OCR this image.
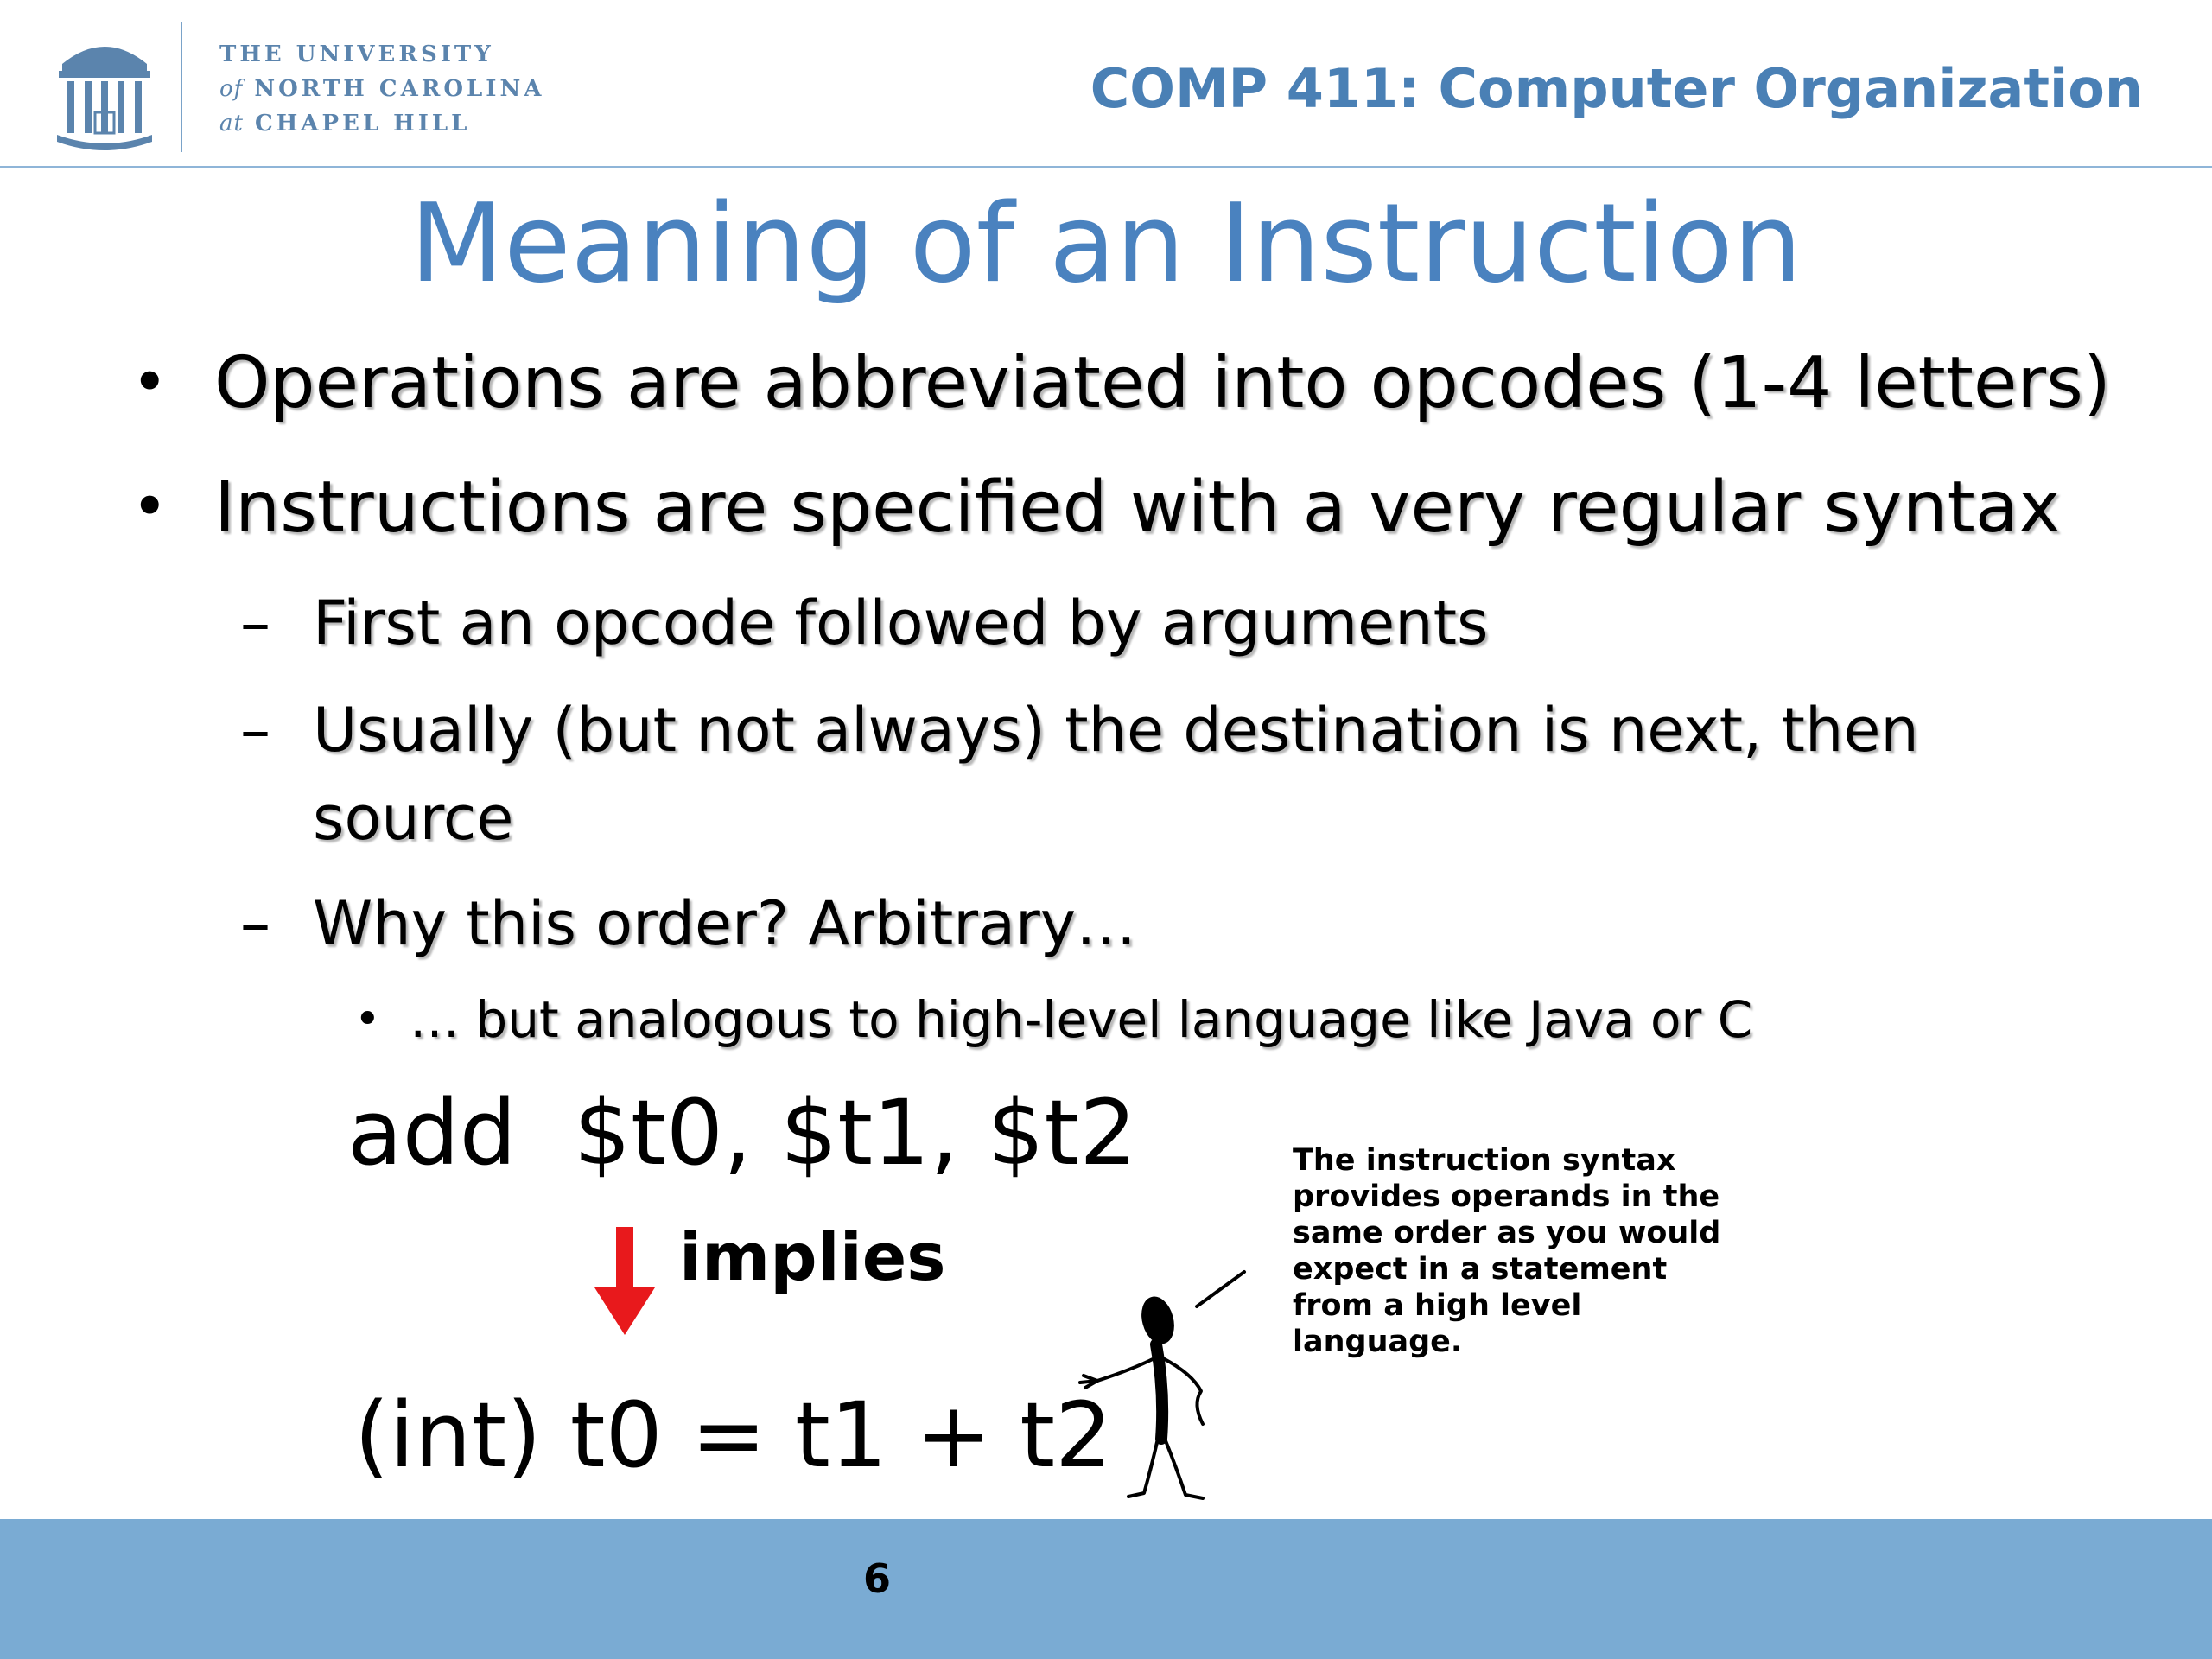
THE UNIVERSITY
of NORTH CAROLINA
at CHAPEL HILL
COMP 411: Computer Organization
Meaning of an Instruction
• Operations are abbreviated into opcodes (1-4 letters)
• Instructions are specified with a very regular syntax
– First an opcode followed by arguments
– Usually (but not always) the destination is next, then
source
– Why this order? Arbitrary…
• … but analogous to high-level language like Java or C
add  $t0, $t1, $t2
implies
(int) t0 = t1 + t2
The instruction syntax
provides operands in the
same order as you would
expect in a statement
from a high level
language.
6
